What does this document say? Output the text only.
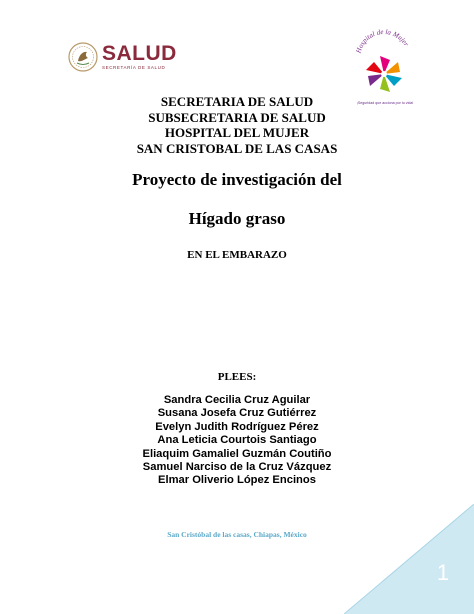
SALUD
SECRETARÍA DE SALUD
Hospital de la Mujer
¡Seguridad que acciona por tu vida!
SECRETARIA DE SALUD
SUBSECRETARIA DE SALUD
HOSPITAL DEL MUJER
SAN CRISTOBAL DE LAS CASAS
Proyecto de investigación del
Hígado graso
EN EL EMBARAZO
PLEES:
Sandra Cecilia Cruz Aguilar
Susana Josefa Cruz Gutiérrez
Evelyn Judith Rodríguez Pérez
Ana Leticia Courtois Santiago
Eliaquim Gamaliel Guzmán Coutiño
Samuel Narciso de la Cruz Vázquez
Elmar Oliverio López Encinos
San Cristóbal de las casas, Chiapas, México
1
